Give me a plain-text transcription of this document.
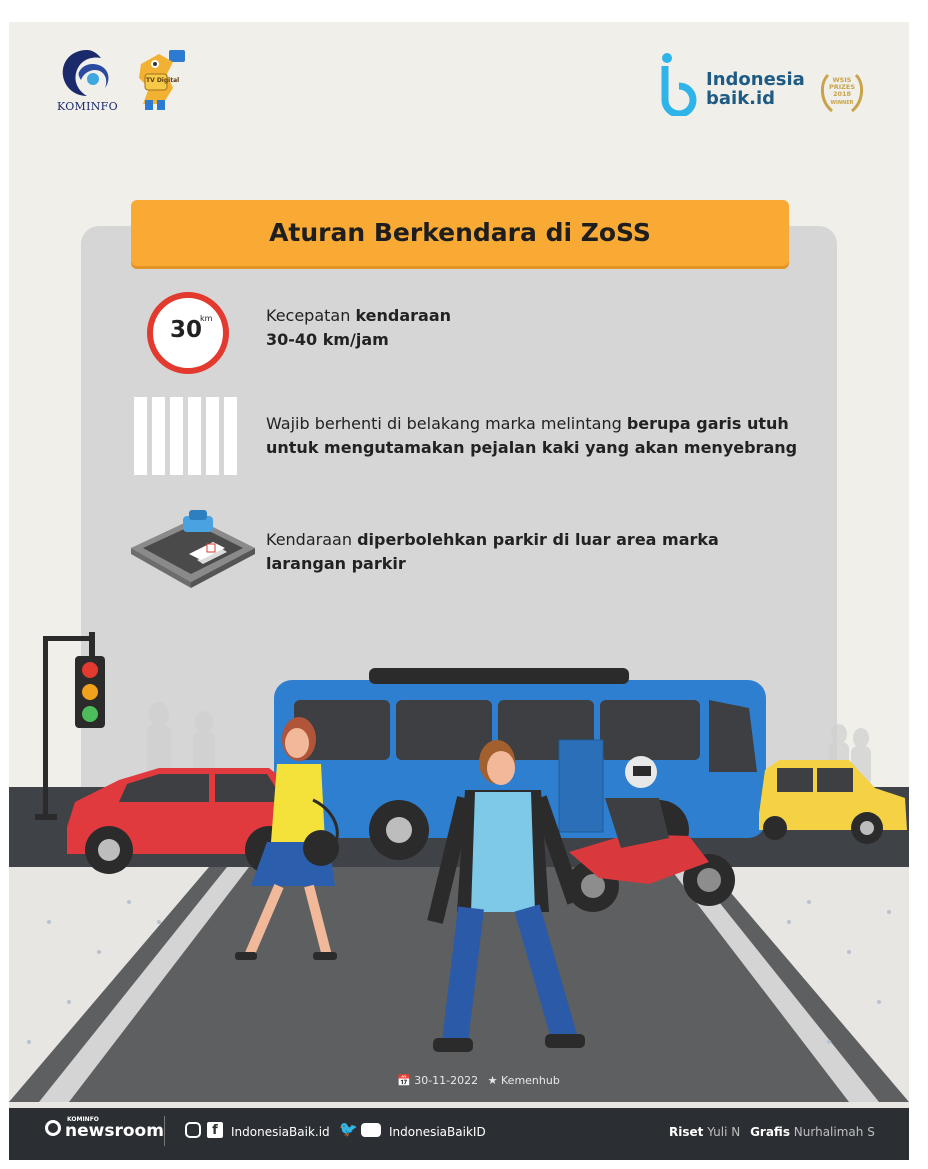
KOMINFO
TV Digital	Indonesia
baik.id
WSIS
PRIZES
2018
WINNER
Aturan Berkendara di ZoSS
30
km	Kecepatan kendaraan
30-40 km/jam
Wajib berhenti di belakang marka melintang berupa garis utuh
untuk mengutamakan pejalan kaki yang akan menyebrang
Kendaraan diperbolehkan parkir di luar area marka
larangan parkir
📅 30-11-2022 ★ Kemenhub
KOMINFO
newsroom	f	IndonesiaBaik.id 🐦	IndonesiaBaikID	Riset Yuli N Grafis Nurhalimah S
